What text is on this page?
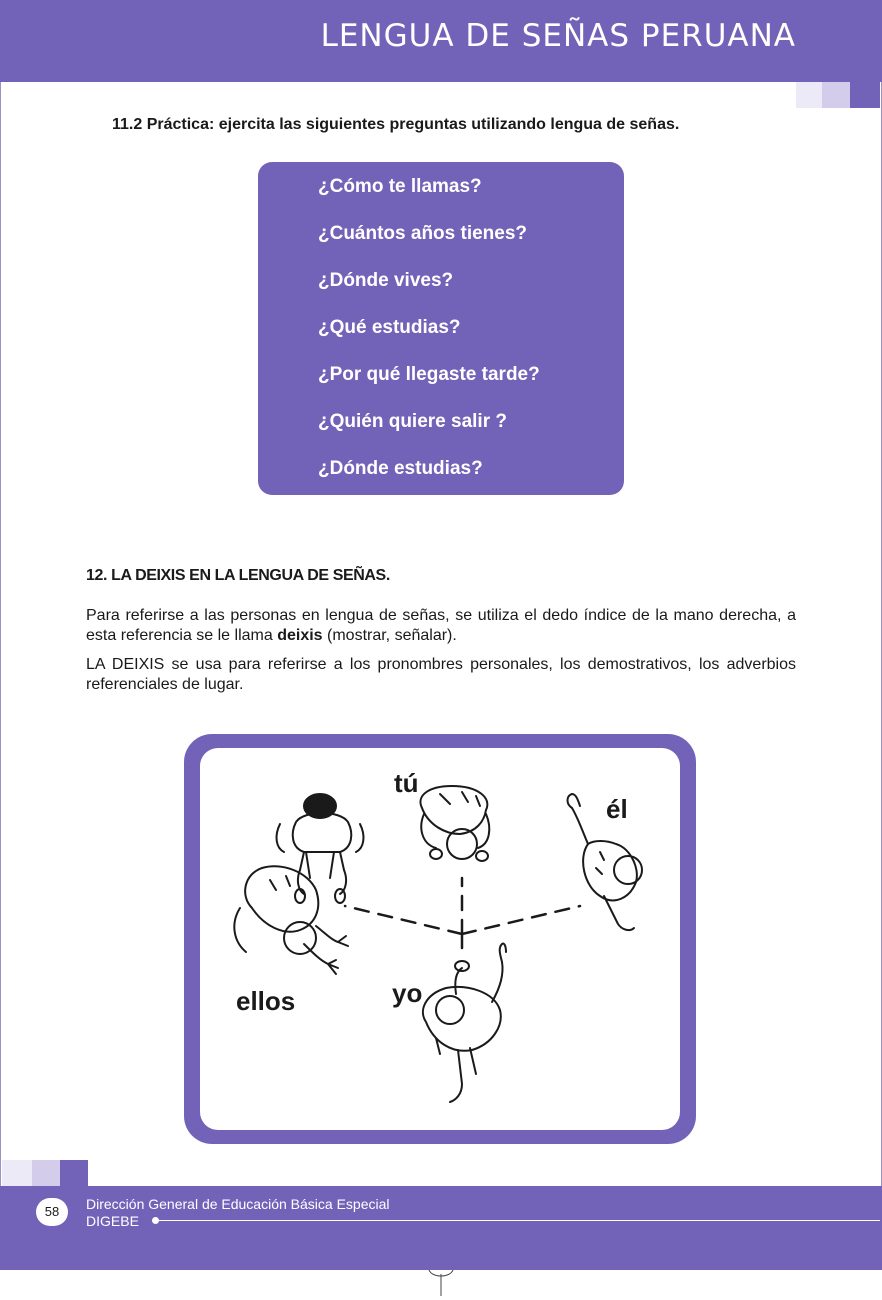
LENGUA DE SEÑAS PERUANA
11.2 Práctica: ejercita las siguientes preguntas utilizando lengua de señas.
¿Cómo te llamas?
¿Cuántos años tienes?
¿Dónde vives?
¿Qué estudias?
¿Por qué llegaste tarde?
¿Quién quiere salir ?
¿Dónde estudias?
12. LA DEIXIS EN LA LENGUA DE SEÑAS.
Para referirse a las personas en lengua de señas, se utiliza el dedo índice de la mano derecha, a esta referencia se le llama deixis (mostrar, señalar).
LA DEIXIS se usa para referirse a los pronombres personales, los demostrativos, los adverbios referenciales de lugar.
tú
él
ellos	yo
58	Dirección General de Educación Básica Especial
DIGEBE
